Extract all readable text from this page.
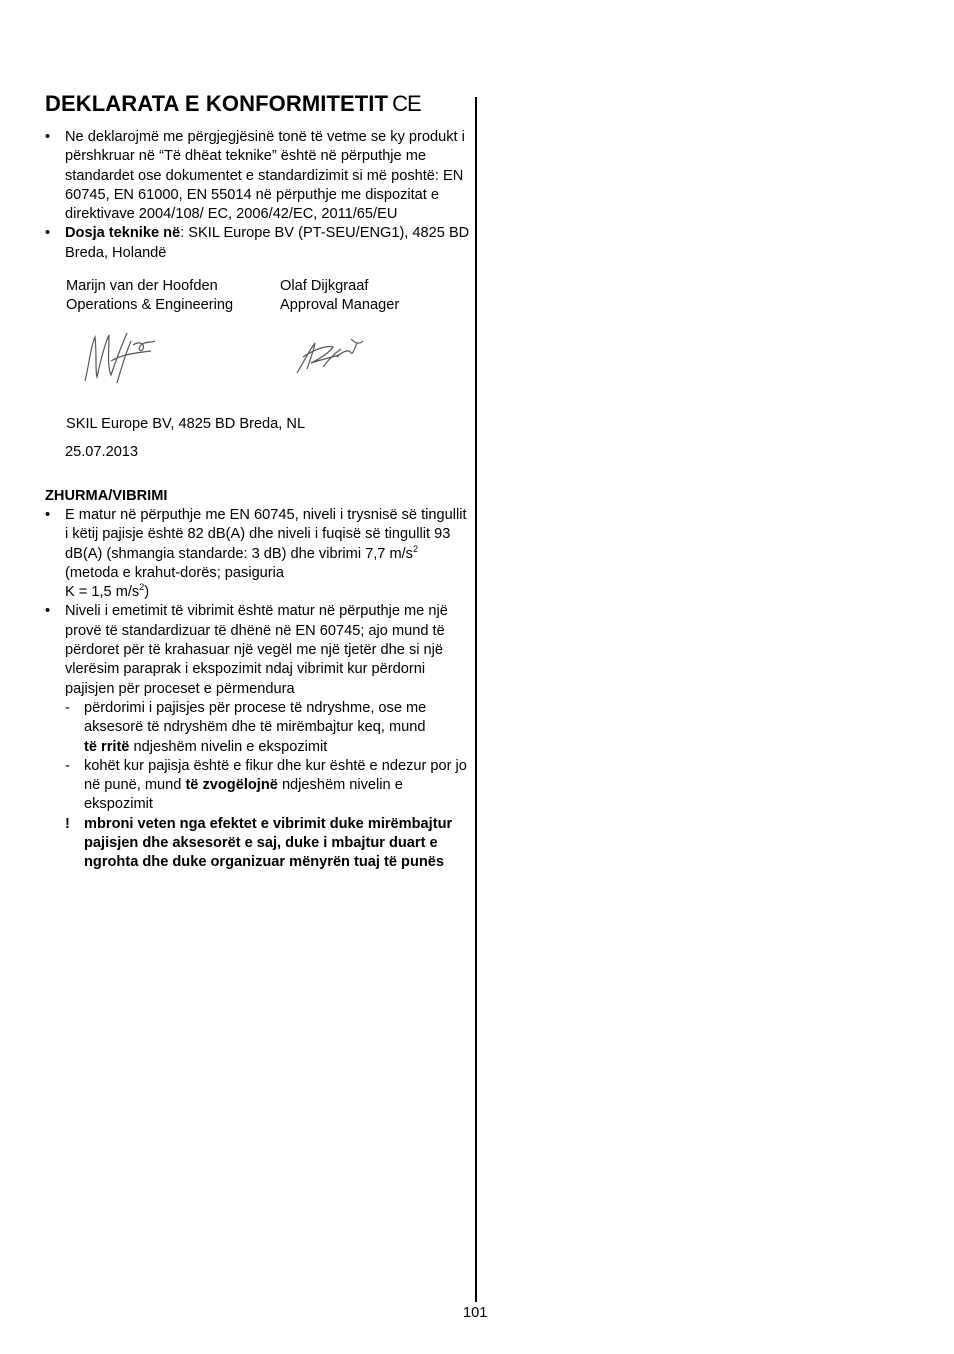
DEKLARATA E KONFORMITETIT CE
• Ne deklarojmë me përgjegjësinë tonë të vetme se ky produkt i përshkruar në “Të dhëat teknike” është në përputhje me standardet ose dokumentet e standardizimit si më poshtë: EN 60745, EN 61000, EN 55014 në përputhje me dispozitat e direktivave 2004/108/ EC, 2006/42/EC, 2011/65/EU
• Dosja teknike në: SKIL Europe BV (PT-SEU/ENG1), 4825 BD Breda, Holandë
Marijn van der Hoofden
Operations & Engineering
Olaf Dijkgraaf
Approval Manager
SKIL Europe BV, 4825 BD Breda, NL
25.07.2013
ZHURMA/VIBRIMI
• E matur në përputhje me EN 60745, niveli i trysnisë së tingullit i këtij pajisje është 82 dB(A) dhe niveli i fuqisë së tingullit 93 dB(A) (shmangia standarde: 3 dB) dhe vibrimi 7,7 $m/s^2$ (metoda e krahut-dorës; pasiguria
K = 1,5 $m/s^2$)
• Niveli i emetimit të vibrimit është matur në përputhje me një provë të standardizuar të dhënë në EN 60745; ajo mund të përdoret për të krahasuar një vegël me një tjetër dhe si një vlerësim paraprak i ekspozimit ndaj vibrimit kur përdorni pajisjen për proceset e përmendura
- përdorimi i pajisjes për procese të ndryshme, ose me aksesorë të ndryshëm dhe të mirëmbajtur keq, mund
të rritë ndjeshëm nivelin e ekspozimit
- kohët kur pajisja është e fikur dhe kur është e ndezur por jo në punë, mund të zvogëlojnë ndjeshëm nivelin e ekspozimit
! mbroni veten nga efektet e vibrimit duke mirëmbajtur pajisjen dhe aksesorët e saj, duke i mbajtur duart e ngrohta dhe duke organizuar mënyrën tuaj të punës
101
